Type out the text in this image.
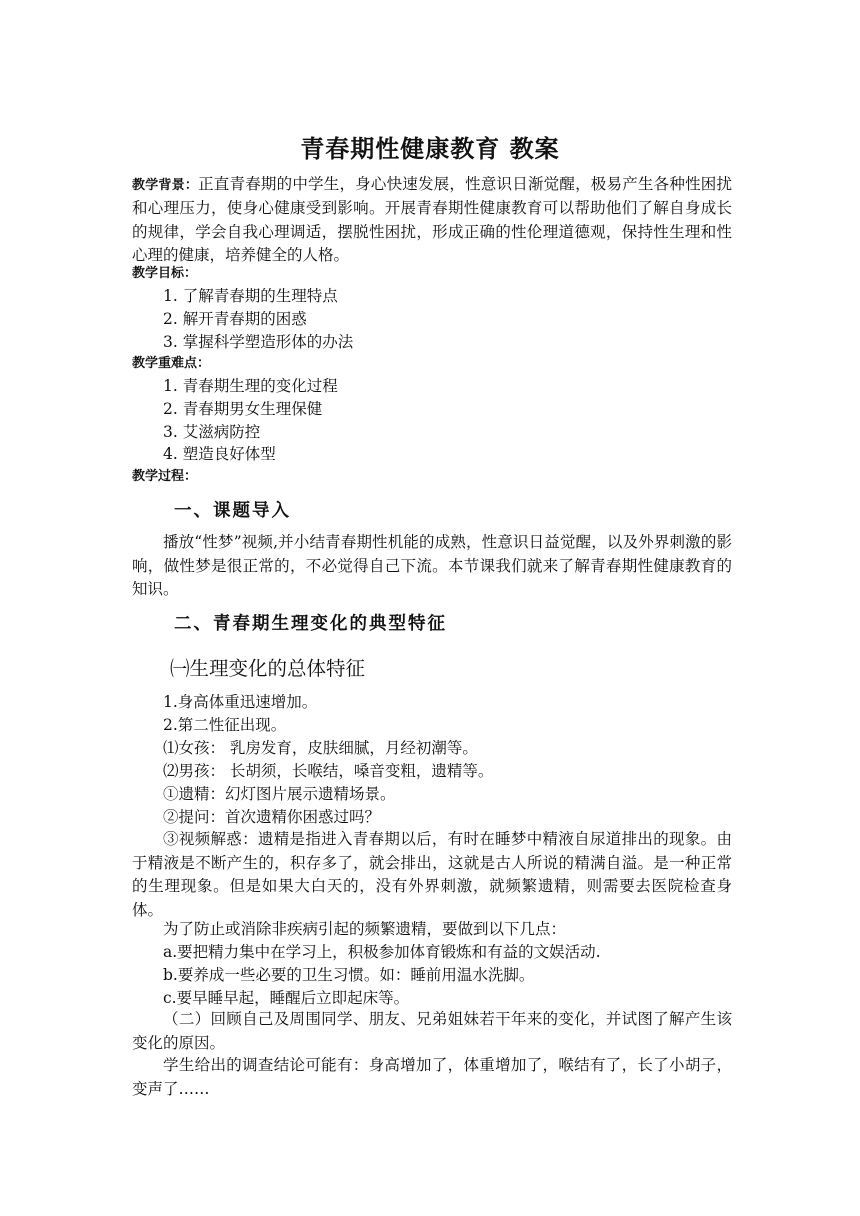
青春期性健康教育 教案
教学背景：正直青春期的中学生，身心快速发展，性意识日渐觉醒，极易产生各种性困扰和心理压力，使身心健康受到影响。开展青春期性健康教育可以帮助他们了解自身成长的规律，学会自我心理调适，摆脱性困扰，形成正确的性伦理道德观，保持性生理和性心理的健康，培养健全的人格。
教学目标：
1. 了解青春期的生理特点
2. 解开青春期的困惑
3. 掌握科学塑造形体的办法
教学重难点：
1. 青春期生理的变化过程
2. 青春期男女生理保健
3. 艾滋病防控
4. 塑造良好体型
教学过程：
一、课题导入
播放“性梦”视频,并小结青春期性机能的成熟，性意识日益觉醒，以及外界刺激的影响，做性梦是很正常的，不必觉得自己下流。本节课我们就来了解青春期性健康教育的知识。
二、青春期生理变化的典型特征
㈠生理变化的总体特征
1.身高体重迅速增加。
2.第二性征出现。
⑴女孩： 乳房发育，皮肤细腻，月经初潮等。
⑵男孩： 长胡须，长喉结，嗓音变粗，遗精等。
①遗精：幻灯图片展示遗精场景。
②提问：首次遗精你困惑过吗？
③视频解惑：遗精是指进入青春期以后，有时在睡梦中精液自尿道排出的现象。由于精液是不断产生的，积存多了，就会排出，这就是古人所说的精满自溢。是一种正常的生理现象。但是如果大白天的，没有外界刺激，就频繁遗精，则需要去医院检查身体。
为了防止或消除非疾病引起的频繁遗精，要做到以下几点：
a.要把精力集中在学习上，积极参加体育锻炼和有益的文娱活动.
b.要养成一些必要的卫生习惯。如：睡前用温水洗脚。
c.要早睡早起，睡醒后立即起床等。
（二）回顾自己及周围同学、朋友、兄弟姐妹若干年来的变化，并试图了解产生该变化的原因。
学生给出的调查结论可能有：身高增加了，体重增加了，喉结有了，长了小胡子，变声了……
